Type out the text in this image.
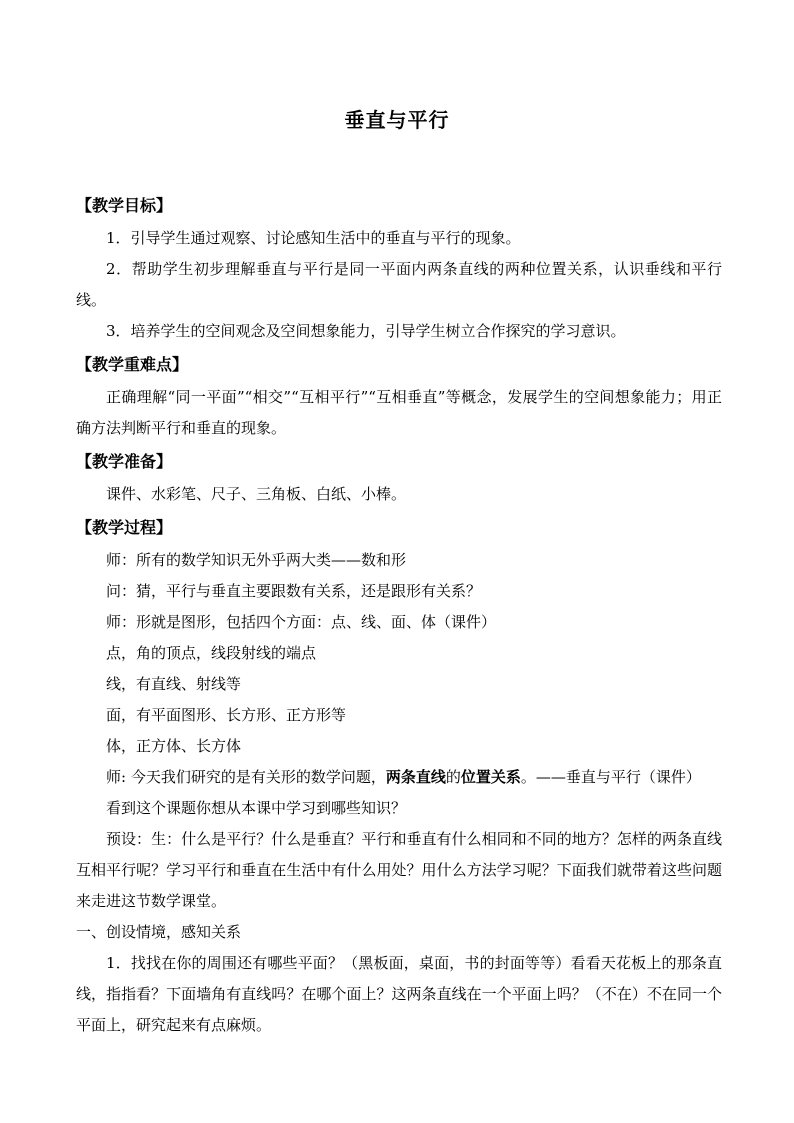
垂直与平行
【教学目标】

1．引导学生通过观察、讨论感知生活中的垂直与平行的现象。

2．帮助学生初步理解垂直与平行是同一平面内两条直线的两种位置关系，认识垂线和平行线。

3．培养学生的空间观念及空间想象能力，引导学生树立合作探究的学习意识。

【教学重难点】

正确理解“同一平面”“相交”“互相平行”“互相垂直”等概念，发展学生的空间想象能力；用正确方法判断平行和垂直的现象。

【教学准备】

课件、水彩笔、尺子、三角板、白纸、小棒。

【教学过程】

师：所有的数学知识无外乎两大类——数和形

问：猜，平行与垂直主要跟数有关系，还是跟形有关系？

师：形就是图形，包括四个方面：点、线、面、体（课件）

点，角的顶点，线段射线的端点

线，有直线、射线等

面，有平面图形、长方形、正方形等

体，正方体、长方体

师: 今天我们研究的是有关形的数学问题，两条直线的位置关系。——垂直与平行（课件）

看到这个课题你想从本课中学习到哪些知识？

预设：生：什么是平行？什么是垂直？平行和垂直有什么相同和不同的地方？怎样的两条直线互相平行呢？学习平行和垂直在生活中有什么用处？用什么方法学习呢？下面我们就带着这些问题来走进这节数学课堂。

一、创设情境，感知关系

1．找找在你的周围还有哪些平面？（黑板面，桌面，书的封面等等）看看天花板上的那条直线，指指看？下面墙角有直线吗？在哪个面上？这两条直线在一个平面上吗？（不在）不在同一个平面上，研究起来有点麻烦。
